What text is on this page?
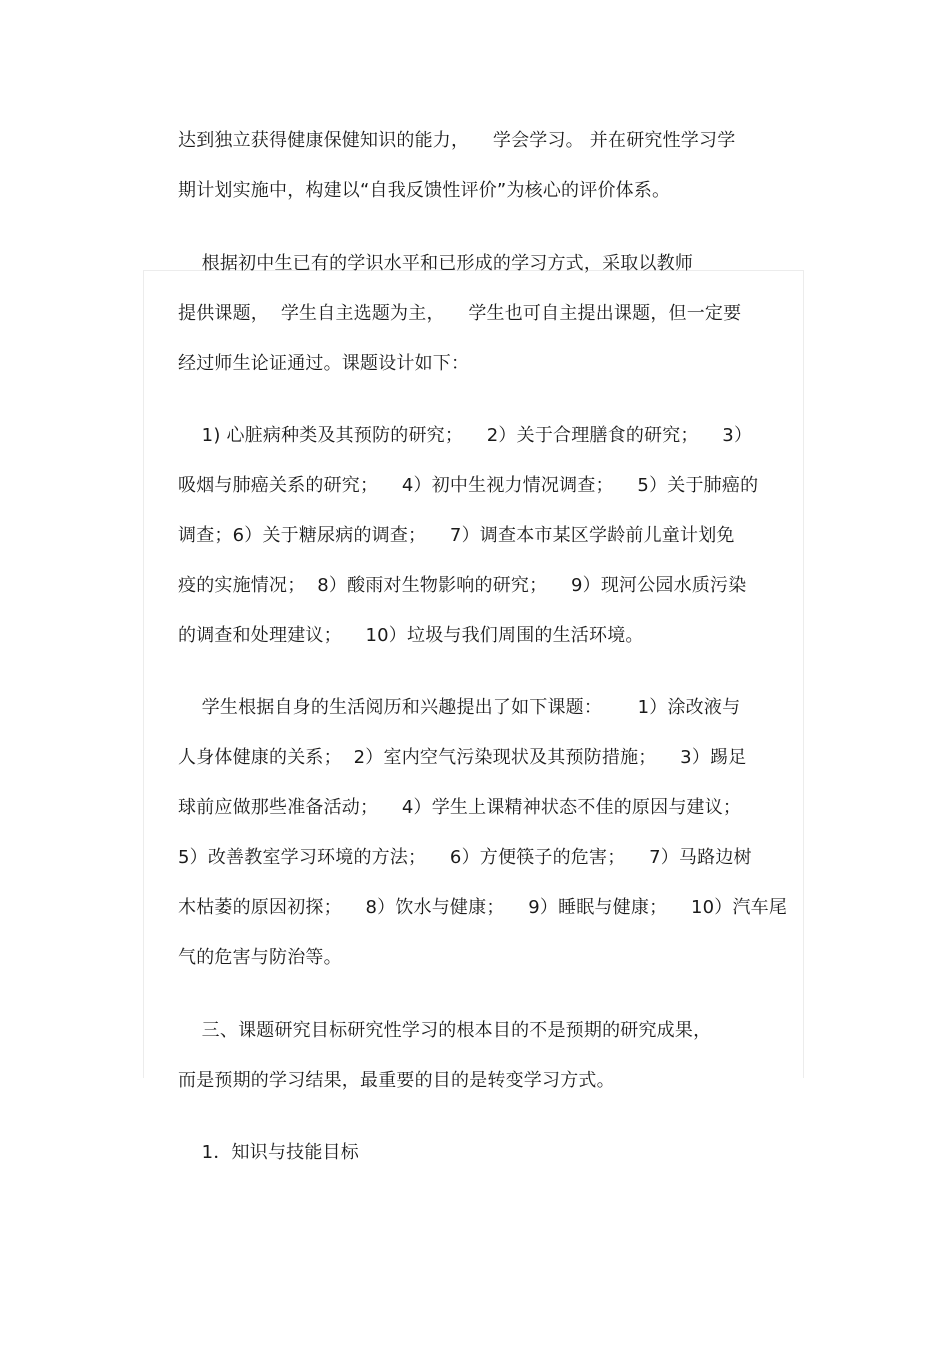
达到独立获得健康保健知识的能力，    学会学习。 并在研究性学习学
期计划实施中，构建以“自我反馈性评价”为核心的评价体系。
根据初中生已有的学识水平和已形成的学习方式，采取以教师
提供课题，  学生自主选题为主，    学生也可自主提出课题，但一定要
经过师生论证通过。课题设计如下：
1) 心脏病种类及其预防的研究；    2）关于合理膳食的研究；    3）
吸烟与肺癌关系的研究；    4）初中生视力情况调查；    5）关于肺癌的
调查；6）关于糖尿病的调查；    7）调查本市某区学龄前儿童计划免
疫的实施情况；  8）酸雨对生物影响的研究；    9）现河公园水质污染
的调查和处理建议；    10）垃圾与我们周围的生活环境。
学生根据自身的生活阅历和兴趣提出了如下课题：      1）涂改液与
人身体健康的关系；  2）室内空气污染现状及其预防措施；    3）踢足
球前应做那些准备活动；    4）学生上课精神状态不佳的原因与建议；
5）改善教室学习环境的方法；    6）方便筷子的危害；    7）马路边树
木枯萎的原因初探；    8）饮水与健康；    9）睡眠与健康；    10）汽车尾
气的危害与防治等。
三、课题研究目标研究性学习的根本目的不是预期的研究成果，
而是预期的学习结果，最重要的目的是转变学习方式。
1．知识与技能目标
